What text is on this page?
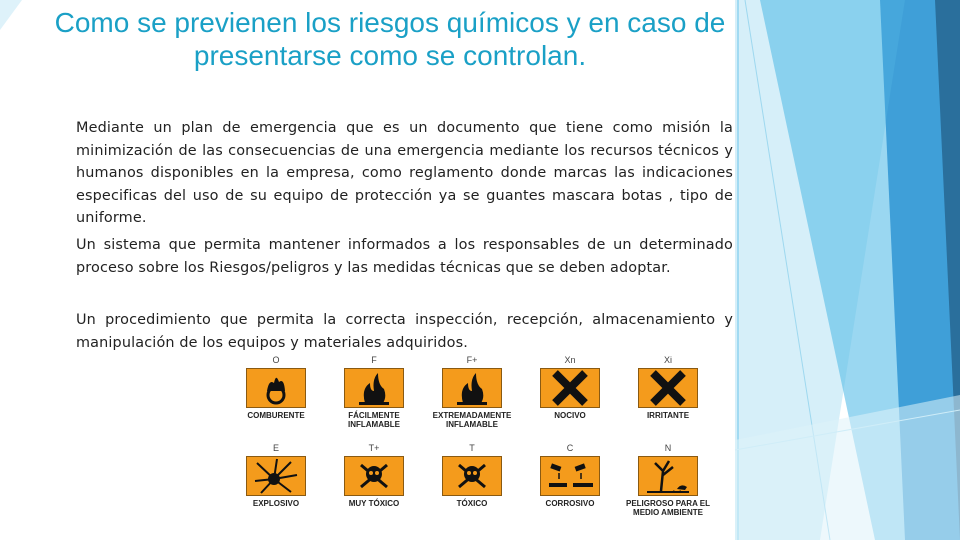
Como se previenen los riesgos químicos y en caso de presentarse como se controlan.

Mediante un plan de emergencia que es un documento que tiene como misión la minimización de las consecuencias de una emergencia mediante los recursos técnicos y humanos disponibles en la empresa, como reglamento donde marcas las indicaciones especificas del uso de su equipo de protección ya se guantes mascara botas , tipo de uniforme.

Un sistema que permita mantener informados a los responsables de un determinado proceso sobre los Riesgos/peligros y las medidas técnicas que se deben adoptar.

Un procedimiento que permita la correcta inspección, recepción, almacenamiento y manipulación de los equipos y materiales adquiridos.

O
COMBURENTE
F
FÁCILMENTE INFLAMABLE
F+
EXTREMADAMENTE INFLAMABLE
Xn
NOCIVO
Xi
IRRITANTE
E
EXPLOSIVO
T+
MUY TÓXICO
T
TÓXICO
C
CORROSIVO
N
PELIGROSO PARA EL MEDIO AMBIENTE
